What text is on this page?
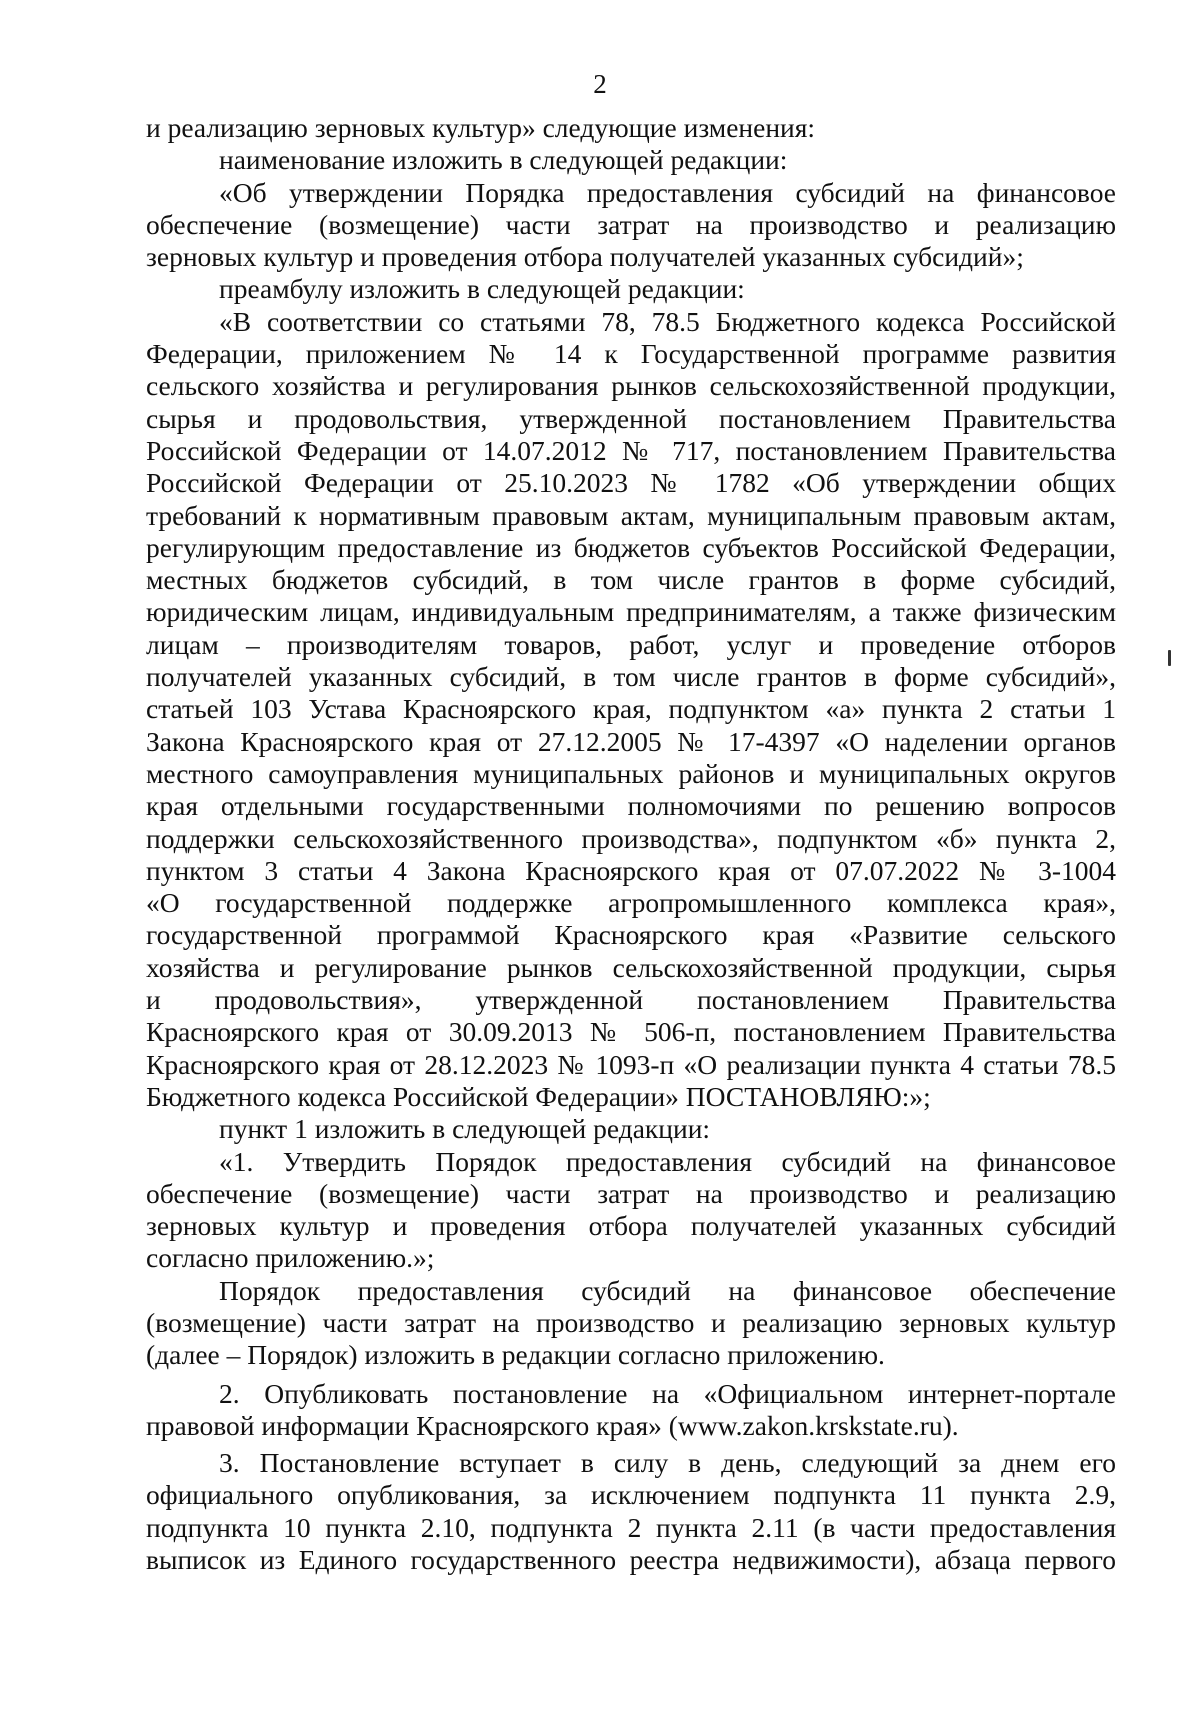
2
и реализацию зерновых культур» следующие изменения:
наименование изложить в следующей редакции:
«Об утверждении Порядка предоставления субсидий на финансовое
обеспечение (возмещение) части затрат на производство и реализацию
зерновых культур и проведения отбора получателей указанных субсидий»;
преамбулу изложить в следующей редакции:
«В соответствии со статьями 78, 78.5 Бюджетного кодекса Российской
Федерации, приложением № 14 к Государственной программе развития
сельского хозяйства и регулирования рынков сельскохозяйственной продукции,
сырья и продовольствия, утвержденной постановлением Правительства
Российской Федерации от 14.07.2012 № 717, постановлением Правительства
Российской Федерации от 25.10.2023 № 1782 «Об утверждении общих
требований к нормативным правовым актам, муниципальным правовым актам,
регулирующим предоставление из бюджетов субъектов Российской Федерации,
местных бюджетов субсидий, в том числе грантов в форме субсидий,
юридическим лицам, индивидуальным предпринимателям, а также физическим
лицам – производителям товаров, работ, услуг и проведение отборов
получателей указанных субсидий, в том числе грантов в форме субсидий»,
статьей 103 Устава Красноярского края, подпунктом «а» пункта 2 статьи 1
Закона Красноярского края от 27.12.2005 № 17-4397 «О наделении органов
местного самоуправления муниципальных районов и муниципальных округов
края отдельными государственными полномочиями по решению вопросов
поддержки сельскохозяйственного производства», подпунктом «б» пункта 2,
пунктом 3 статьи 4 Закона Красноярского края от 07.07.2022 № 3-1004
«О государственной поддержке агропромышленного комплекса края»,
государственной программой Красноярского края «Развитие сельского
хозяйства и регулирование рынков сельскохозяйственной продукции, сырья
и продовольствия», утвержденной постановлением Правительства
Красноярского края от 30.09.2013 № 506-п, постановлением Правительства
Красноярского края от 28.12.2023 № 1093-п «О реализации пункта 4 статьи 78.5
Бюджетного кодекса Российской Федерации» ПОСТАНОВЛЯЮ:»;
пункт 1 изложить в следующей редакции:
«1. Утвердить Порядок предоставления субсидий на финансовое
обеспечение (возмещение) части затрат на производство и реализацию
зерновых культур и проведения отбора получателей указанных субсидий
согласно приложению.»;
Порядок предоставления субсидий на финансовое обеспечение
(возмещение) части затрат на производство и реализацию зерновых культур
(далее – Порядок) изложить в редакции согласно приложению.
2. Опубликовать постановление на «Официальном интернет-портале
правовой информации Красноярского края» (www.zakon.krskstate.ru).
3. Постановление вступает в силу в день, следующий за днем его
официального опубликования, за исключением подпункта 11 пункта 2.9,
подпункта 10 пункта 2.10, подпункта 2 пункта 2.11 (в части предоставления
выписок из Единого государственного реестра недвижимости), абзаца первого
